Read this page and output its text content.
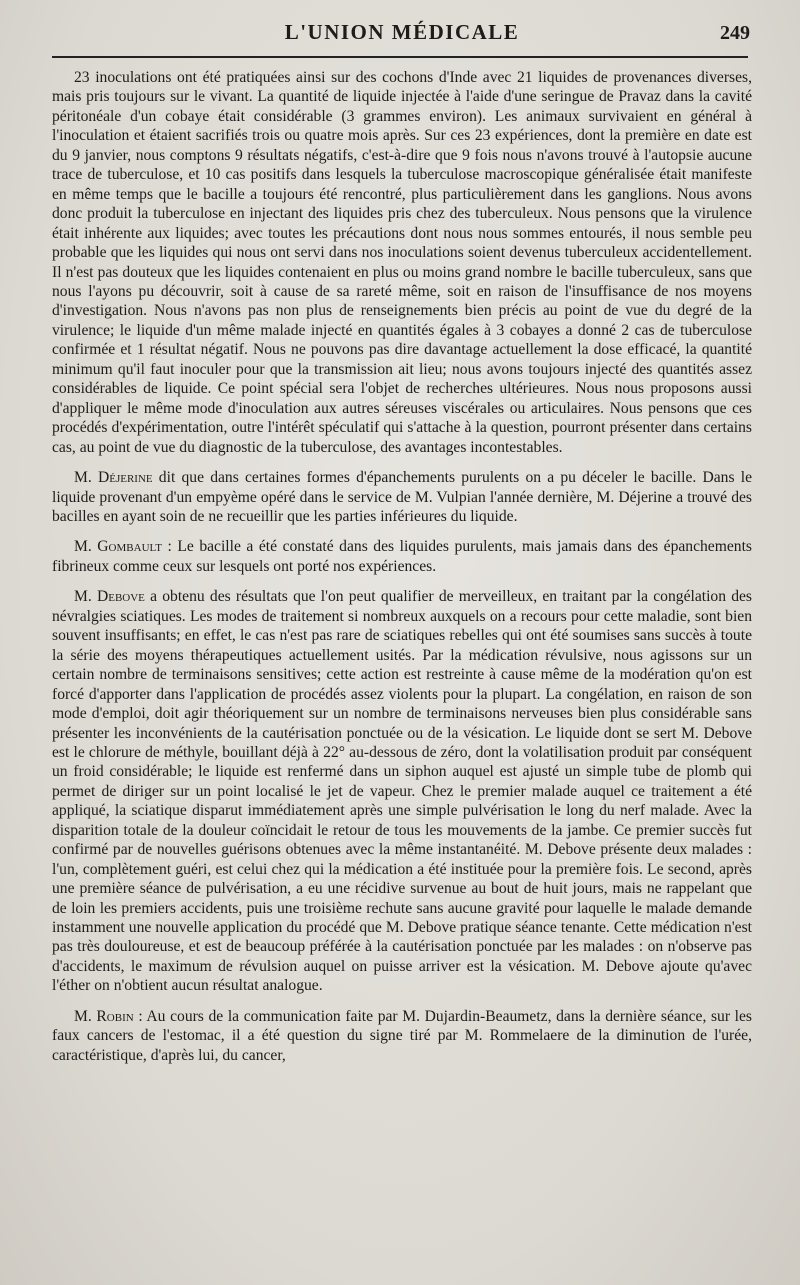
L'UNION MÉDICALE	249

23 inoculations ont été pratiquées ainsi sur des cochons d'Inde avec 21 liquides de provenances diverses, mais pris toujours sur le vivant. La quantité de liquide injectée à l'aide d'une seringue de Pravaz dans la cavité péritonéale d'un cobaye était considérable (3 grammes environ). Les animaux survivaient en général à l'inoculation et étaient sacrifiés trois ou quatre mois après. Sur ces 23 expériences, dont la première en date est du 9 janvier, nous comptons 9 résultats négatifs, c'est-à-dire que 9 fois nous n'avons trouvé à l'autopsie aucune trace de tuberculose, et 10 cas positifs dans lesquels la tuberculose macroscopique généralisée était manifeste en même temps que le bacille a toujours été rencontré, plus particulièrement dans les ganglions. Nous avons donc produit la tuberculose en injectant des liquides pris chez des tuberculeux. Nous pensons que la virulence était inhérente aux liquides; avec toutes les précautions dont nous nous sommes entourés, il nous semble peu probable que les liquides qui nous ont servi dans nos inoculations soient devenus tuberculeux accidentellement. Il n'est pas douteux que les liquides contenaient en plus ou moins grand nombre le bacille tuberculeux, sans que nous l'ayons pu découvrir, soit à cause de sa rareté même, soit en raison de l'insuffisance de nos moyens d'investigation. Nous n'avons pas non plus de renseignements bien précis au point de vue du degré de la virulence; le liquide d'un même malade injecté en quantités égales à 3 cobayes a donné 2 cas de tuberculose confirmée et 1 résultat négatif. Nous ne pouvons pas dire davantage actuellement la dose efficacé, la quantité minimum qu'il faut inoculer pour que la transmission ait lieu; nous avons toujours injecté des quantités assez considérables de liquide. Ce point spécial sera l'objet de recherches ultérieures. Nous nous proposons aussi d'appliquer le même mode d'inoculation aux autres séreuses viscérales ou articulaires. Nous pensons que ces procédés d'expérimentation, outre l'intérêt spéculatif qui s'attache à la question, pourront présenter dans certains cas, au point de vue du diagnostic de la tuberculose, des avantages incontestables.

M. Déjerine dit que dans certaines formes d'épanchements purulents on a pu déceler le bacille. Dans le liquide provenant d'un empyème opéré dans le service de M. Vulpian l'année dernière, M. Déjerine a trouvé des bacilles en ayant soin de ne recueillir que les parties inférieures du liquide.

M. Gombault : Le bacille a été constaté dans des liquides purulents, mais jamais dans des épanchements fibrineux comme ceux sur lesquels ont porté nos expériences.

M. Debove a obtenu des résultats que l'on peut qualifier de merveilleux, en traitant par la congélation des névralgies sciatiques. Les modes de traitement si nombreux auxquels on a recours pour cette maladie, sont bien souvent insuffisants; en effet, le cas n'est pas rare de sciatiques rebelles qui ont été soumises sans succès à toute la série des moyens thérapeutiques actuellement usités. Par la médication révulsive, nous agissons sur un certain nombre de terminaisons sensitives; cette action est restreinte à cause même de la modération qu'on est forcé d'apporter dans l'application de procédés assez violents pour la plupart. La congélation, en raison de son mode d'emploi, doit agir théoriquement sur un nombre de terminaisons nerveuses bien plus considérable sans présenter les inconvénients de la cautérisation ponctuée ou de la vésication. Le liquide dont se sert M. Debove est le chlorure de méthyle, bouillant déjà à 22° au-dessous de zéro, dont la volatilisation produit par conséquent un froid considérable; le liquide est renfermé dans un siphon auquel est ajusté un simple tube de plomb qui permet de diriger sur un point localisé le jet de vapeur. Chez le premier malade auquel ce traitement a été appliqué, la sciatique disparut immédiatement après une simple pulvérisation le long du nerf malade. Avec la disparition totale de la douleur coïncidait le retour de tous les mouvements de la jambe. Ce premier succès fut confirmé par de nouvelles guérisons obtenues avec la même instantanéité. M. Debove présente deux malades : l'un, complètement guéri, est celui chez qui la médication a été instituée pour la première fois. Le second, après une première séance de pulvérisation, a eu une récidive survenue au bout de huit jours, mais ne rappelant que de loin les premiers accidents, puis une troisième rechute sans aucune gravité pour laquelle le malade demande instamment une nouvelle application du procédé que M. Debove pratique séance tenante. Cette médication n'est pas très douloureuse, et est de beaucoup préférée à la cautérisation ponctuée par les malades : on n'observe pas d'accidents, le maximum de révulsion auquel on puisse arriver est la vésication. M. Debove ajoute qu'avec l'éther on n'obtient aucun résultat analogue.

M. Robin : Au cours de la communication faite par M. Dujardin-Beaumetz, dans la dernière séance, sur les faux cancers de l'estomac, il a été question du signe tiré par M. Rommelaere de la diminution de l'urée, caractéristique, d'après lui, du cancer,
